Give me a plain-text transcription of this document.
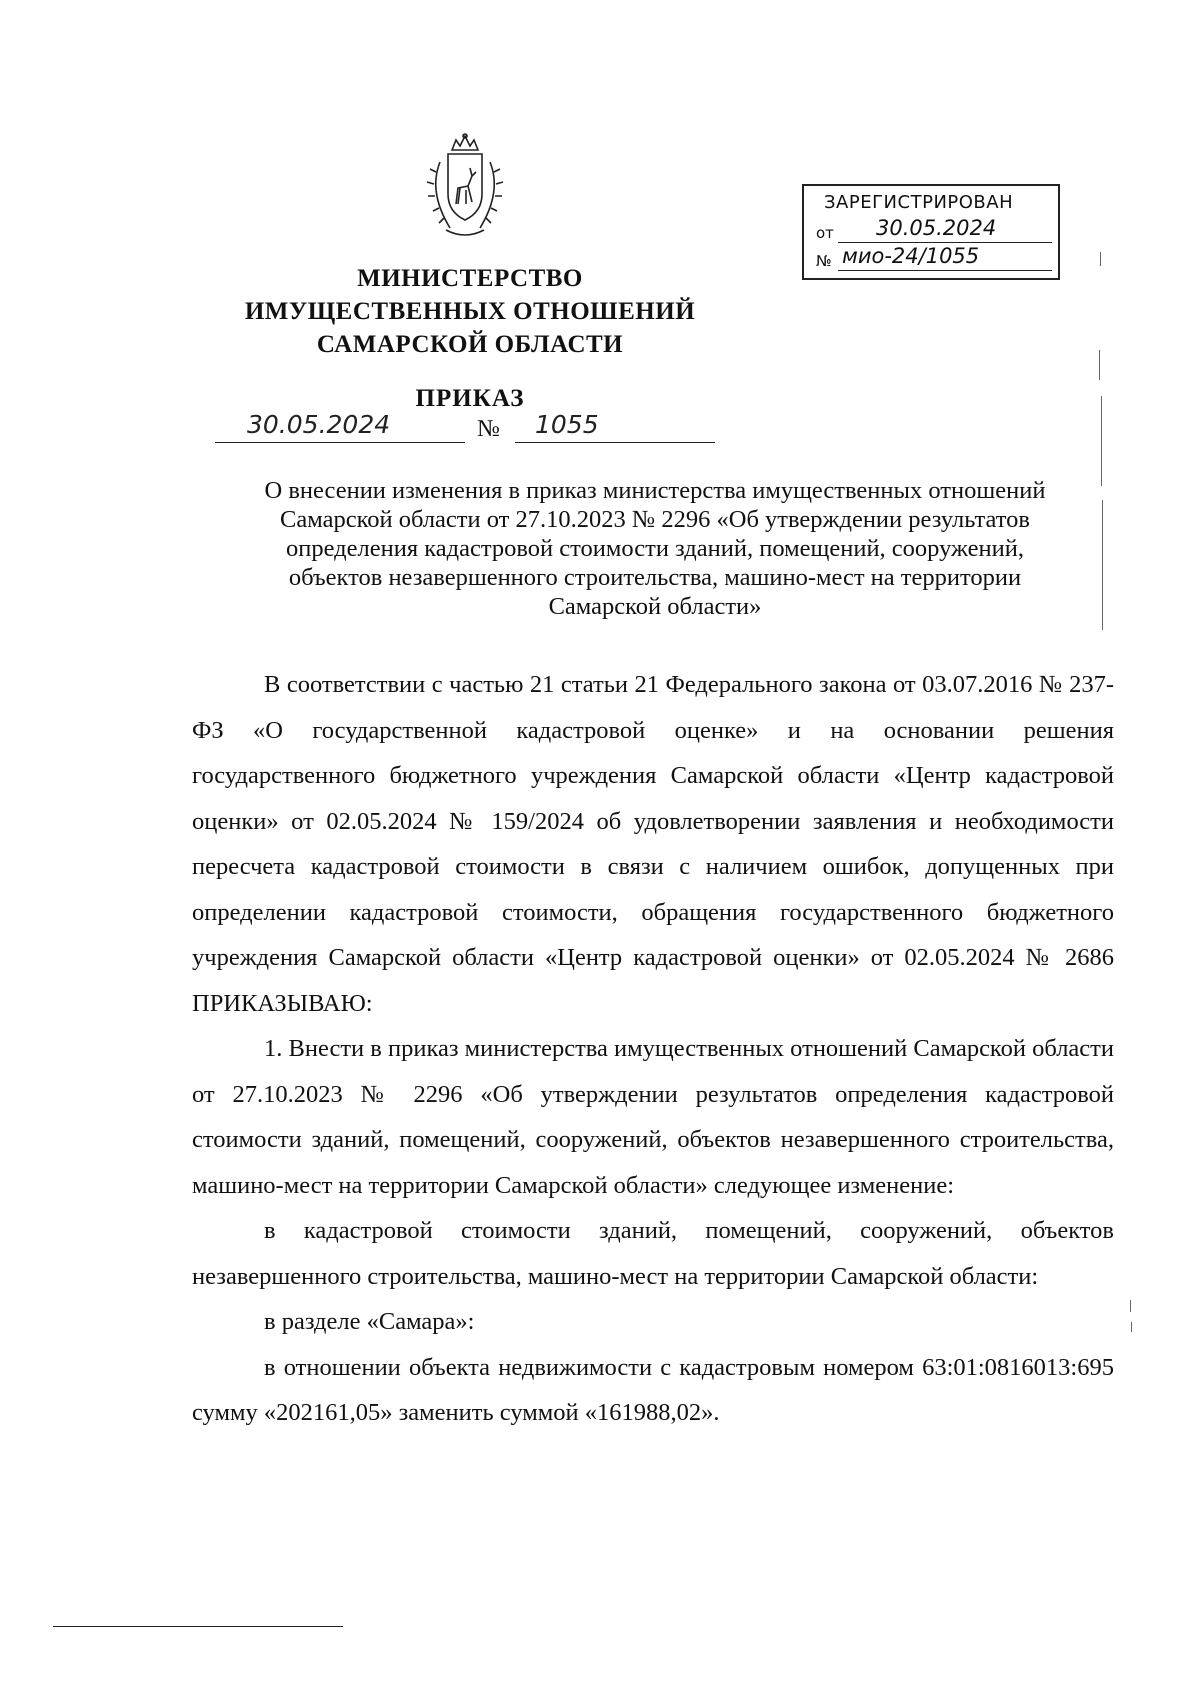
МИНИСТЕРСТВО
ИМУЩЕСТВЕННЫХ ОТНОШЕНИЙ
САМАРСКОЙ ОБЛАСТИ
ПРИКАЗ
30.05.2024	№ 1055
ЗАРЕГИСТРИРОВАН
от 30.05.2024
№ мио-24/1055
О внесении изменения в приказ министерства имущественных отношений
Самарской области от 27.10.2023 № 2296 «Об утверждении результатов
определения кадастровой стоимости зданий, помещений, сооружений,
объектов незавершенного строительства, машино-мест на территории
Самарской области»

В соответствии с частью 21 статьи 21 Федерального закона от 03.07.2016 № 237-ФЗ «О государственной кадастровой оценке» и на основании решения государственного бюджетного учреждения Самарской области «Центр кадастровой оценки» от 02.05.2024 № 159/2024 об удовлетворении заявления и необходимости пересчета кадастровой стоимости в связи с наличием ошибок, допущенных при определении кадастровой стоимости, обращения государственного бюджетного учреждения Самарской области «Центр кадастровой оценки» от 02.05.2024 № 2686 ПРИКАЗЫВАЮ:

1. Внести в приказ министерства имущественных отношений Самарской области от 27.10.2023 № 2296 «Об утверждении результатов определения кадастровой стоимости зданий, помещений, сооружений, объектов незавершенного строительства, машино-мест на территории Самарской области» следующее изменение:

в кадастровой стоимости зданий, помещений, сооружений, объектов незавершенного строительства, машино-мест на территории Самарской области:

в разделе «Самара»:

в отношении объекта недвижимости с кадастровым номером 63:01:0816013:695 сумму «202161,05» заменить суммой «161988,02».
